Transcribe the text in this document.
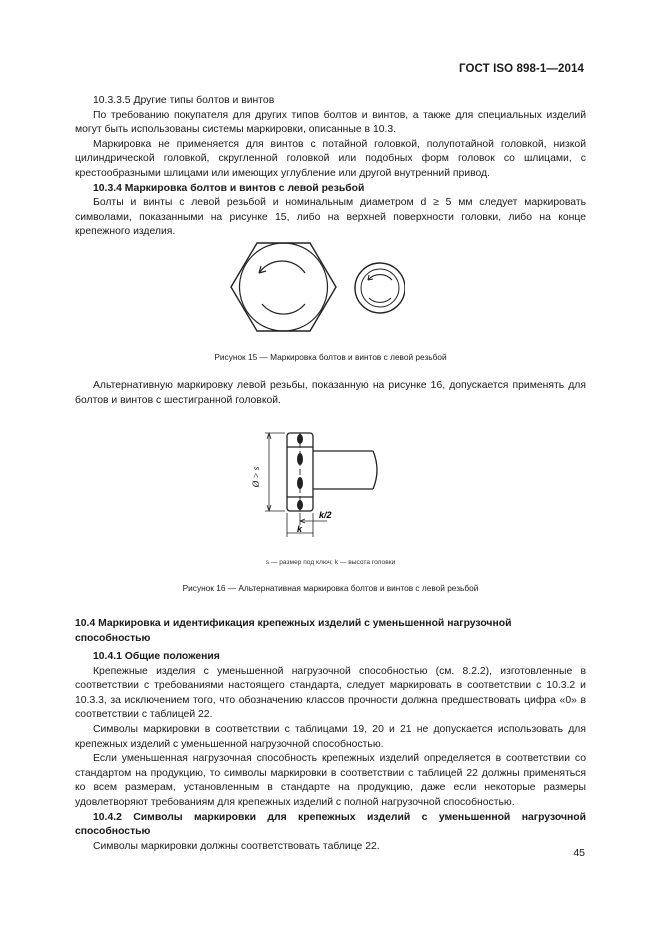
ГОСТ ISO 898-1—2014

10.3.3.5 Другие типы болтов и винтов

По требованию покупателя для других типов болтов и винтов, а также для специальных изделий могут быть использованы системы маркировки, описанные в 10.3.

Маркировка не применяется для винтов с потайной головкой, полупотайной головкой, низкой цилиндрической головкой, скругленной головкой или подобных форм головок со шлицами, с крестообразными шлицами или имеющих углубление или другой внутренний привод.

10.3.4 Маркировка болтов и винтов с левой резьбой

Болты и винты с левой резьбой и номинальным диаметром d ≥ 5 мм следует маркировать символами, показанными на рисунке 15, либо на верхней поверхности головки, либо на конце крепежного изделия.

Рисунок 15 — Маркировка болтов и винтов с левой резьбой

Альтернативную маркировку левой резьбы, показанную на рисунке 16, допускается применять для болтов и винтов с шестигранной головкой.

Ø > s
k
k/2
s — размер под ключ; k — высота головки
Рисунок 16 — Альтернативная маркировка болтов и винтов с левой резьбой

10.4 Маркировка и идентификация крепежных изделий с уменьшенной нагрузочной способностью

10.4.1 Общие положения

Крепежные изделия с уменьшенной нагрузочной способностью (см. 8.2.2), изготовленные в соответствии с требованиями настоящего стандарта, следует маркировать в соответствии с 10.3.2 и 10.3.3, за исключением того, что обозначению классов прочности должна предшествовать цифра «0» в соответствии с таблицей 22.

Символы маркировки в соответствии с таблицами 19, 20 и 21 не допускается использовать для крепежных изделий с уменьшенной нагрузочной способностью.

Если уменьшенная нагрузочная способность крепежных изделий определяется в соответствии со стандартом на продукцию, то символы маркировки в соответствии с таблицей 22 должны применяться ко всем размерам, установленным в стандарте на продукцию, даже если некоторые размеры удовлетворяют требованиям для крепежных изделий с полной нагрузочной способностью.

10.4.2 Символы маркировки для крепежных изделий с уменьшенной нагрузочной способностью

Символы маркировки должны соответствовать таблице 22.

45
